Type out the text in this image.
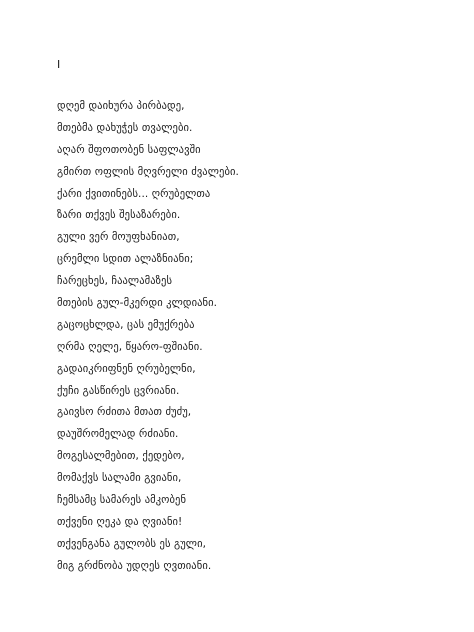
I

დღემ დაიხურა პირბადე,
მთებმა დახუჭეს თვალები.
აღარ შფოთობენ საფლავში
გმირთ ოფლის მღვრელი ძვალები.
ქარი ქვითინებს... ღრუბელთა
ზარი თქვეს შესაზარები.
გული ვერ მოუფხანიათ,
ცრემლი სდით ალაზნიანი;
ჩარეცხეს, ჩაალამაზეს
მთების გულ-მკერდი კლდიანი.
გაცოცხლდა, ცას ემუქრება
ღრმა ღელე, წყარო-ფშიანი.
გადაიკრიფნენ ღრუბელნი,
ქუჩი გასწირეს ცვრიანი.
გაივსო რძითა მთათ ძუძუ,
დაუშრომელად რძიანი.
მოგესალმებით, ქედებო,
მომაქვს სალამი გვიანი,
ჩემსამც სამარეს ამკობენ
თქვენი ღეკა და ღვიანი!
თქვენგანა გულობს ეს გული,
მიგ გრძნობა უდღეს ღვთიანი.
